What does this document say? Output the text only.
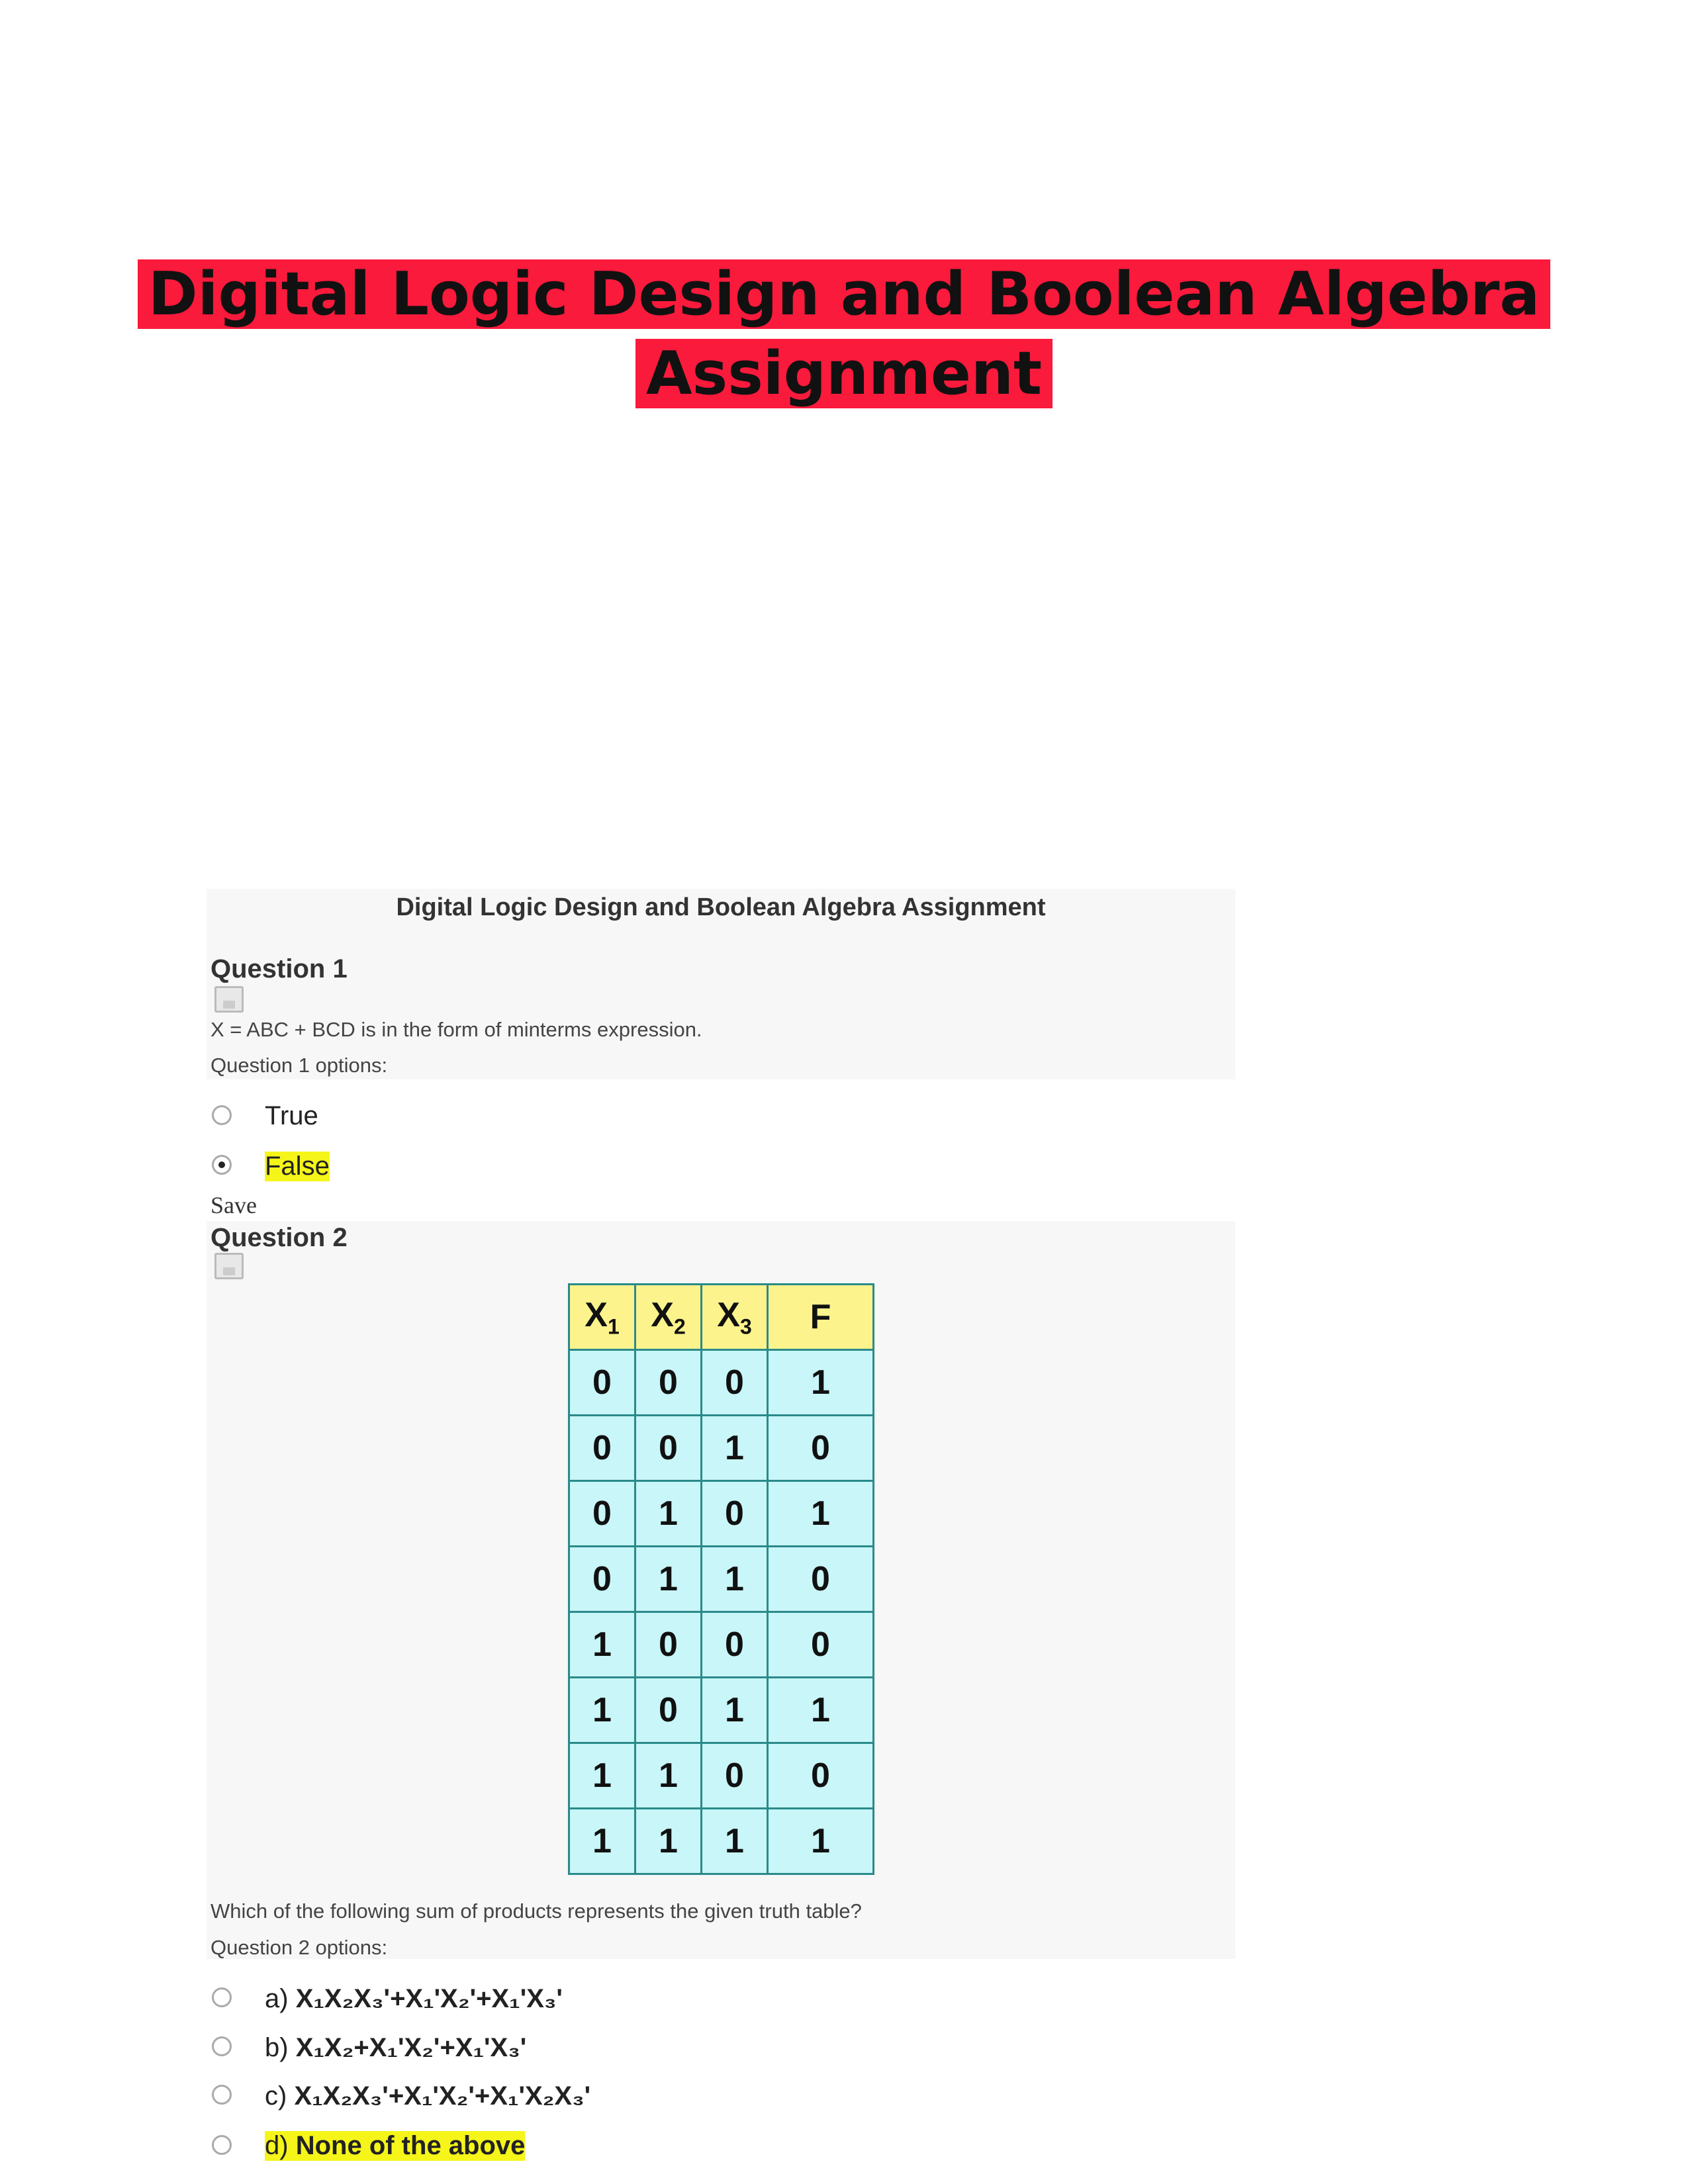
Digital Logic Design and Boolean Algebra Assignment
Digital Logic Design and Boolean Algebra Assignment
Question 1
X = ABC + BCD is in the form of minterms expression.
Question 1 options:
True
False
Save
Question 2
$X_1$	$X_2$	$X_3$	F
0	0	0	1
0	0	1	0
0	1	0	1
0	1	1	0
1	0	0	0
1	0	1	1
1	1	0	0
1	1	1	1
Which of the following sum of products represents the given truth table?
Question 2 options:
a) X₁X₂X₃'+X₁'X₂'+X₁'X₃'
b) X₁X₂+X₁'X₂'+X₁'X₃'
c) X₁X₂X₃'+X₁'X₂'+X₁'X₂X₃'
d) None of the above
